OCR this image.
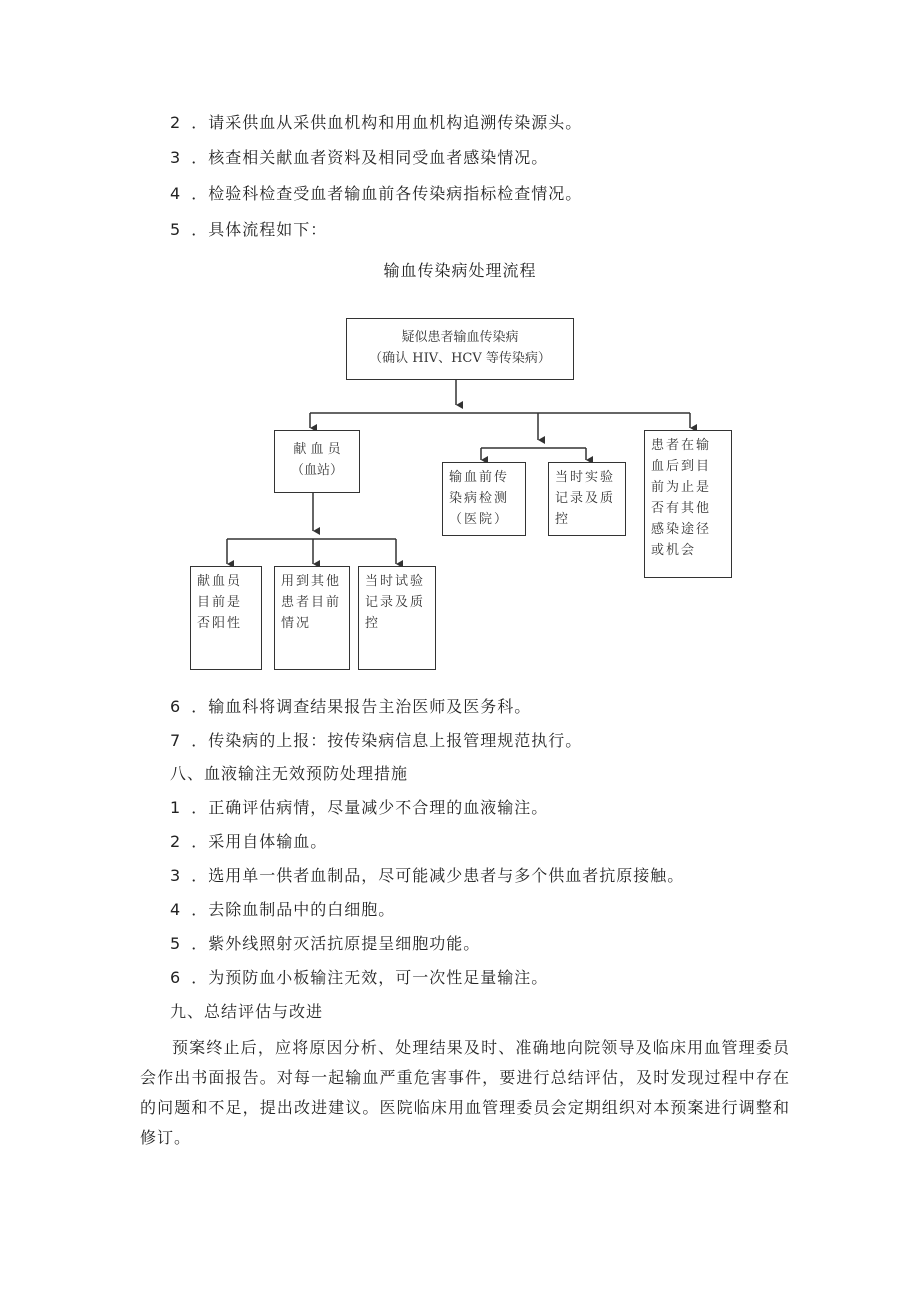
2 ．请采供血从采供血机构和用血机构追溯传染源头。
3 ．核查相关献血者资料及相同受血者感染情况。
4 ．检验科检查受血者输血前各传染病指标检查情况。
5 ．具体流程如下：
输血传染病处理流程
疑似患者输血传染病
（确认 HIV、HCV 等传染病）
献 血 员
（血站）	输血前传染病检测（医院）
当时实验记录及质控
患者在输血后到目前为止是否有其他感染途径或机会
献血员目前是否阳性
用到其他患者目前情况
当时试验记录及质控
6 ．输血科将调查结果报告主治医师及医务科。
7 ．传染病的上报：按传染病信息上报管理规范执行。
八、血液输注无效预防处理措施
1 ．正确评估病情，尽量减少不合理的血液输注。
2 ．采用自体输血。
3 ．选用单一供者血制品，尽可能减少患者与多个供血者抗原接触。
4 ．去除血制品中的白细胞。
5 ．紫外线照射灭活抗原提呈细胞功能。
6 ．为预防血小板输注无效，可一次性足量输注。
九、总结评估与改进
预案终止后，应将原因分析、处理结果及时、准确地向院领导及临床用血管理委员会作出书面报告。对每一起输血严重危害事件，要进行总结评估，及时发现过程中存在的问题和不足，提出改进建议。医院临床用血管理委员会定期组织对本预案进行调整和修订。
